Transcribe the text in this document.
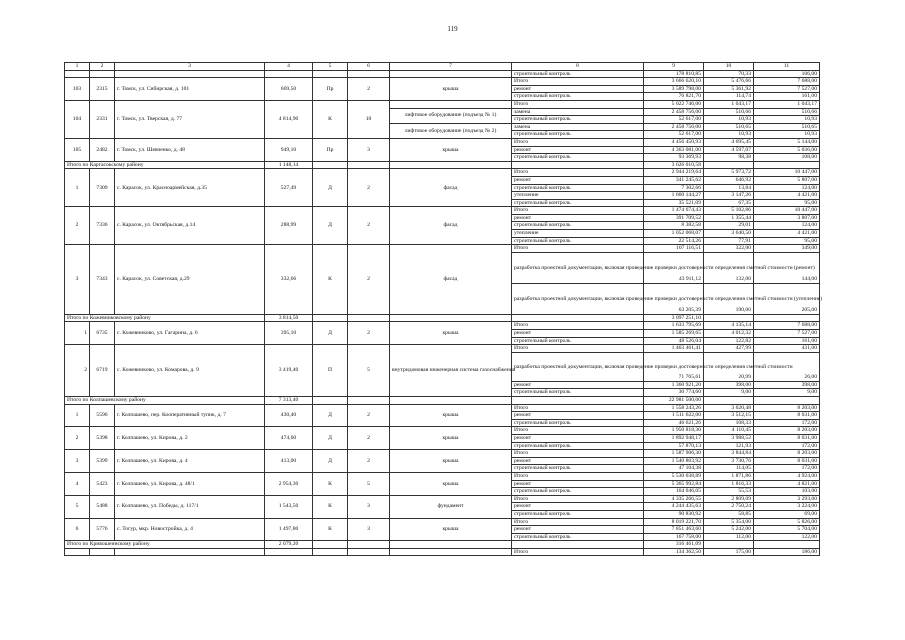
119
1	2	3	4	5	6	7	8	9	10	11
							строительный контроль	178 810,85	70,33	106,00
103	2315	г. Томск, ул. Сибирская, д. 101	669,50	Пр	2	крыша	Итого	3 666 620,10	5 476,66	7 688,00
							ремонт	3 589 798,00	5 361,92	7 527,00
							строительный контроль	76 821,70	114,74	161,00
104	2331	г. Томск, ул. Тверская, д. 77	4 814,90	К	10		Итого	5 022 746,00	1 043,17	1 043,17
						лифтовое оборудование (подъезд № 1)	замена	2 458 756,00	510,66	510,66
							строительный контроль	52 617,00	10,93	10,93
						лифтовое оборудование (подъезд № 2)	замена	2 458 756,00	510,65	510,65
							строительный контроль	52 617,00	10,93	10,93
105	2482	г. Томск, ул. Шевченко, д. 48	949,10	Пр	3	крыша	Итого	4 456 450,93	4 695,45	5 144,00
							ремонт	4 363 081,00	4 597,07	5 036,00
							строительный контроль	93 369,93	98,38	108,00
Итого по Каргасокскому району			1 148,14					3 626 010,58		
1	7309	с. Карасок, ул. Красноармейская, д.35	527,49	Д	2	фасад	Итого	2 944 219,64	5 973,72	10 447,00
							ремонт	341 245,62	646,92	5 807,00
							строительный контроль	7 302,66	13,84	124,00
							утепление	1 660 144,27	3 147,26	4 421,00
							строительный контроль	35 521,09	67,35	95,00
2	7336	с. Карасок, ул. Октябрьская, д.14	288,99	Д	2	фасад	Итого	1 474 674,43	5 102,86	10 447,00
							ремонт	391 709,52	1 355,44	3 807,00
							строительный контроль	8 382,58	29,01	124,00
							утепление	1 052 068,07	3 640,50	4 421,00
							строительный контроль	22 514,26	77,91	95,00
3	7343	с. Карасок, ул. Советская, д.29	332,66	К	2	фасад	Итого	107 116,51	322,00	349,00
							разработка проектной документации, включая проведение проверки достоверности определения сметной стоимости (ремонт)	43 911,12	132,00	144,00
							разработка проектной документации, включая проведение проверки достоверности определения сметной стоимости (утепление)	63 205,39	190,00	205,00
Итого по Кожевниковскому району			3 814,50					3 097 251,10		
1	6735	с. Кожевниково, ул. Гагарина, д. 6	395,10	Д	2	крыша	Итого	1 633 795,69	4 135,14	7 688,00
							ремонт	1 585 269,65	4 012,32	7 527,00
							строительный контроль	48 526,04	122,82	161,00
2	6719	с. Кожевниково, ул. Комарова, д. 9	3 419,40	П	5	внутридомовая инженерная система газоснабжения	Итого	1 463 461,41	427,99	431,00
							разработка проектной документации, включая проведение проверки достоверности определения сметной стоимости	71 765,61	20,99	26,00
							ремонт	1 360 921,20	398,00	398,00
							строительный контроль	30 774,60	9,00	9,00
Итого по Колпашевскому району			7 313,40					22 981 500,00		
1	5596	г. Колпашево, пер. Кооперативный тупик, д. 7	430,40	Д	2	крыша	Итого	1 558 243,26	3 620,48	8 203,00
							ремонт	1 511 622,00	3 512,15	8 031,00
							строительный контроль	46 621,26	108,33	172,00
2	5398	г. Колпашево, ул. Кирова, д. 2	474,60	Д	2	крыша	Итого	1 950 818,30	4 110,45	8 203,00
							ремонт	1 892 948,17	3 988,52	8 031,00
							строительный контроль	57 870,13	121,93	172,00
3	5399	г. Колпашево, ул. Кирова, д. 4	413,00	Д	2	крыша	Итого	1 587 906,30	3 844,84	8 203,00
							ремонт	1 540 803,92	3 730,76	8 031,00
							строительный контроль	47 104,38	114,05	172,00
4	5423	г. Колпашево, ул. Кирова, д. 48/1	2 954,30	К	5	крыша	Итого	5 530 038,89	1 871,86	4 924,00
							ремонт	5 365 992,84	1 816,33	4 821,00
							строительный контроль	164 046,05	55,53	103,00
5	5488	г. Колпашево, ул. Победы, д. 117/1	1 543,50	К	3	фундамент	Итого	4 335 266,55	2 809,09	3 293,00
							ремонт	4 244 435,63	2 750,24	3 224,00
							строительный контроль	90 830,92	58,85	69,00
6	5776	с. Тогур, мкр. Новостройка, д. 4	1 497,80	К	3	крыша	Итого	8 019 221,70	5 354,00	5 826,00
							ремонт	7 851 463,60	5 242,00	5 704,00
							строительный контроль	167 758,00	112,00	122,00
Итого по Кривошеинскому району			2 079,20					316 461,09		
							Итого	134 362,50	175,00	186,00
